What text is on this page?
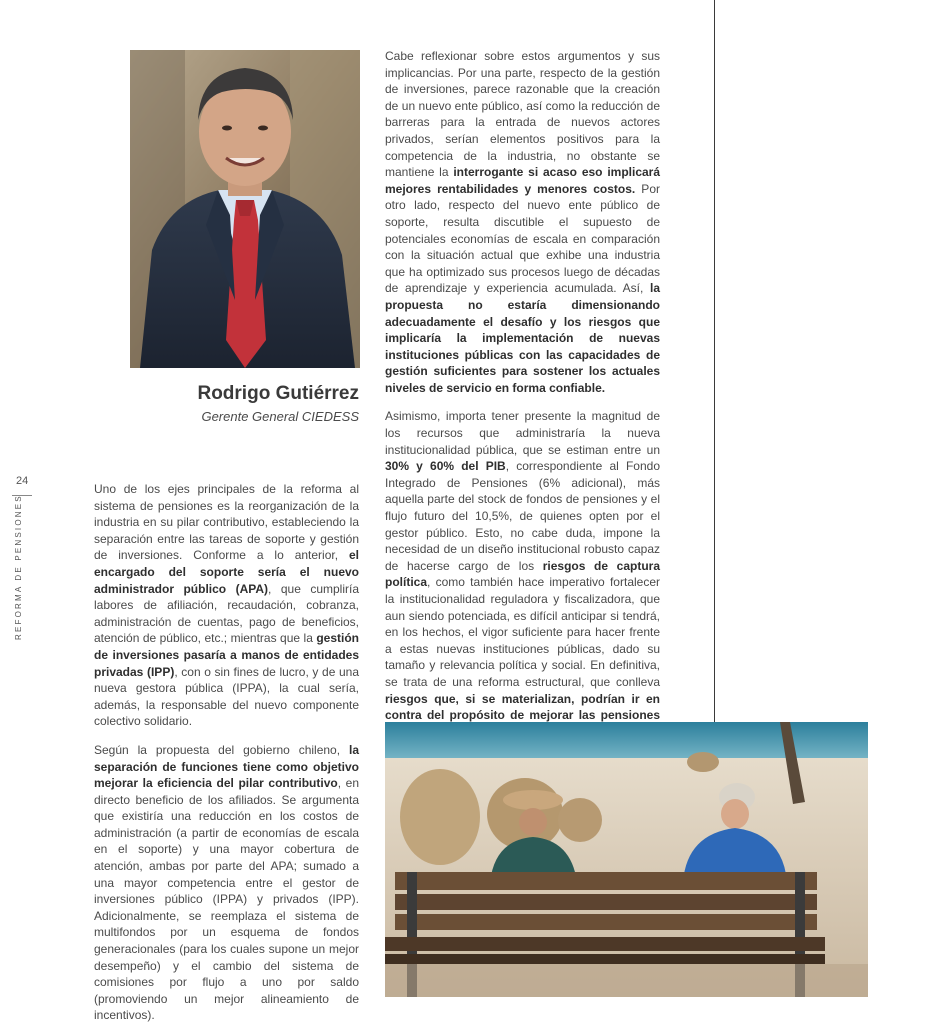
24
REFORMA DE PENSIONES
Rodrigo Gutiérrez
Gerente General CIEDESS

Uno de los ejes principales de la reforma al sistema de pensiones es la reorganización de la industria en su pilar contributivo, estableciendo la separación entre las tareas de soporte y gestión de inversiones. Conforme a lo anterior, el encargado del soporte sería el nuevo administrador público (APA), que cumpliría labores de afiliación, recaudación, cobranza, administración de cuentas, pago de beneficios, atención de público, etc.; mientras que la gestión de inversiones pasaría a manos de entidades privadas (IPP), con o sin fines de lucro, y de una nueva gestora pública (IPPA), la cual sería, además, la responsable del nuevo componente colectivo solidario.

Según la propuesta del gobierno chileno, la separación de funciones tiene como objetivo mejorar la eficiencia del pilar contributivo, en directo beneficio de los afiliados. Se argumenta que existiría una reducción en los costos de administración (a partir de economías de escala en el soporte) y una mayor cobertura de atención, ambas por parte del APA; sumado a una mayor competencia entre el gestor de inversiones público (IPPA) y privados (IPP). Adicionalmente, se reemplaza el sistema de multifondos por un esquema de fondos generacionales (para los cuales supone un mejor desempeño) y el cambio del sistema de comisiones por flujo a uno por saldo (promoviendo un mejor alineamiento de incentivos).

Cabe reflexionar sobre estos argumentos y sus implicancias. Por una parte, respecto de la gestión de inversiones, parece razonable que la creación de un nuevo ente público, así como la reducción de barreras para la entrada de nuevos actores privados, serían elementos positivos para la competencia de la industria, no obstante se mantiene la interrogante si acaso eso implicará mejores rentabilidades y menores costos. Por otro lado, respecto del nuevo ente público de soporte, resulta discutible el supuesto de potenciales economías de escala en comparación con la situación actual que exhibe una industria que ha optimizado sus procesos luego de décadas de aprendizaje y experiencia acumulada. Así, la propuesta no estaría dimensionando adecuadamente el desafío y los riesgos que implicaría la implementación de nuevas instituciones públicas con las capacidades de gestión suficientes para sostener los actuales niveles de servicio en forma confiable.

Asimismo, importa tener presente la magnitud de los recursos que administraría la nueva institucionalidad pública, que se estiman entre un 30% y 60% del PIB, correspondiente al Fondo Integrado de Pensiones (6% adicional), más aquella parte del stock de fondos de pensiones y el flujo futuro del 10,5%, de quienes opten por el gestor público. Esto, no cabe duda, impone la necesidad de un diseño institucional robusto capaz de hacerse cargo de los riesgos de captura política, como también hace imperativo fortalecer la institucionalidad reguladora y fiscalizadora, que aun siendo potenciada, es difícil anticipar si tendrá, en los hechos, el vigor suficiente para hacer frente a estas nuevas instituciones públicas, dado su tamaño y relevancia política y social. En definitiva, se trata de una reforma estructural, que conlleva riesgos que, si se materializan, podrían ir en contra del propósito de mejorar las pensiones
